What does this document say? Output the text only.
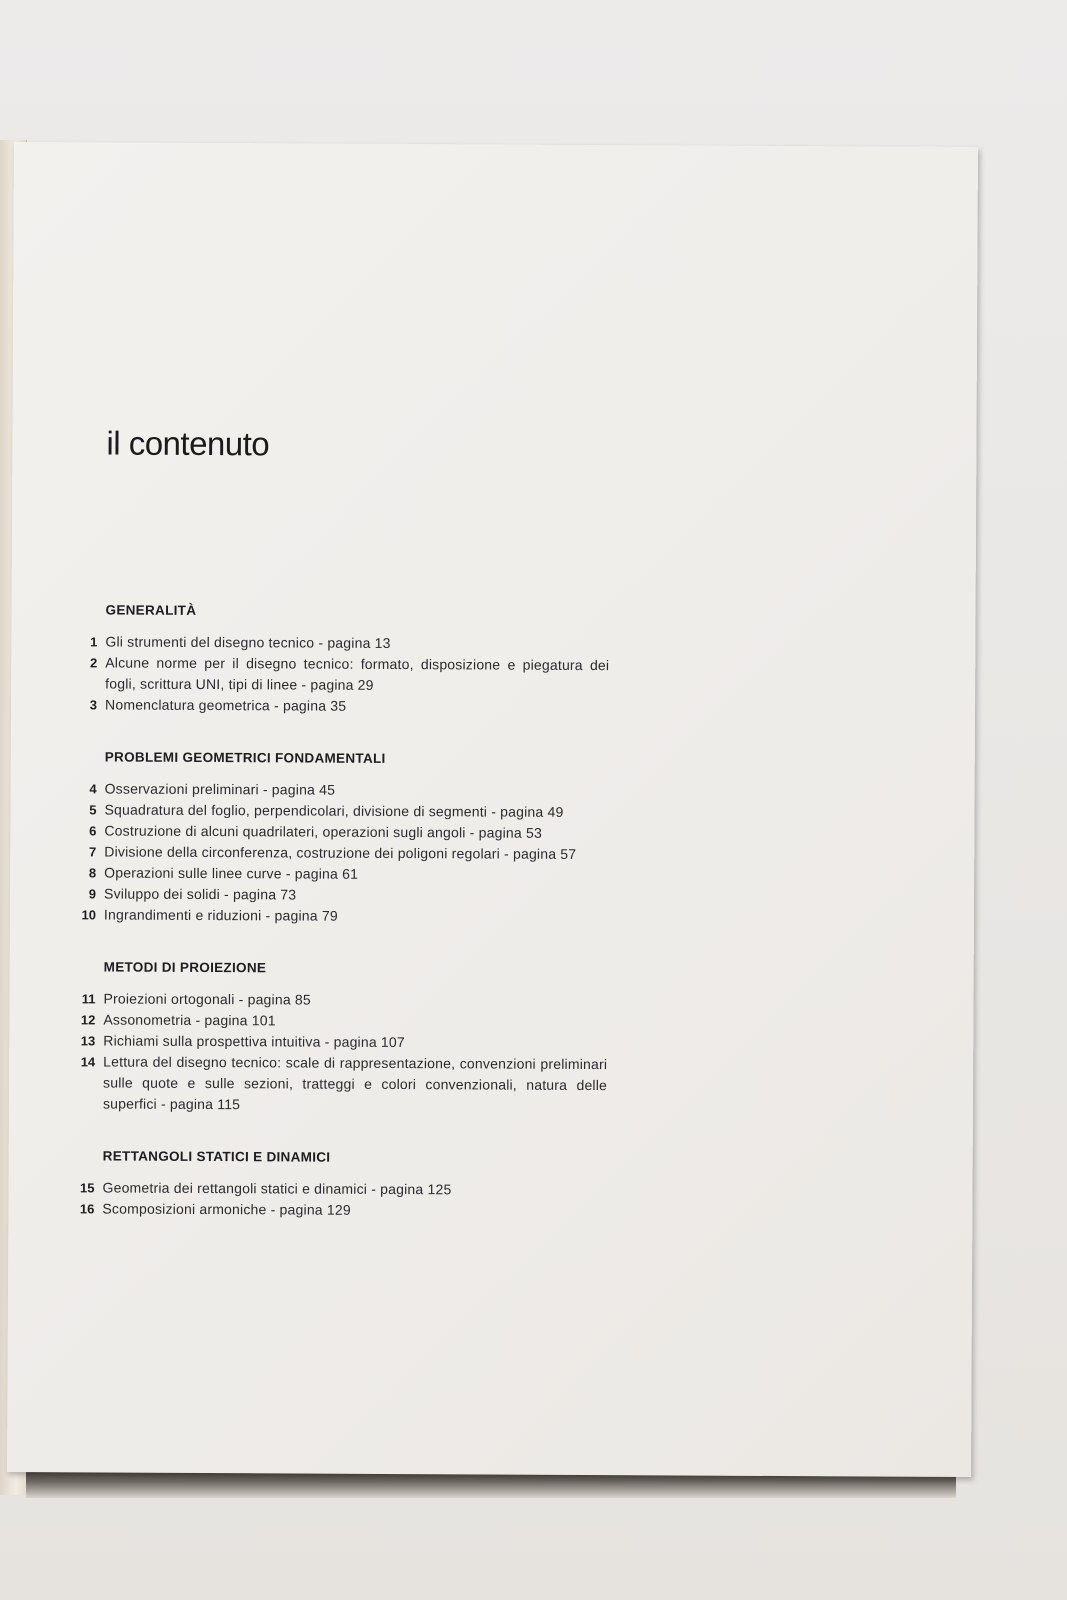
il contenuto
GENERALITÀ
1 Gli strumenti del disegno tecnico - pagina 13
2 Alcune norme per il disegno tecnico: formato, disposizione e piegatura dei fogli, scrittura UNI, tipi di linee - pagina 29
3 Nomenclatura geometrica - pagina 35
PROBLEMI GEOMETRICI FONDAMENTALI
4 Osservazioni preliminari - pagina 45
5 Squadratura del foglio, perpendicolari, divisione di segmenti - pagina 49
6 Costruzione di alcuni quadrilateri, operazioni sugli angoli - pagina 53
7 Divisione della circonferenza, costruzione dei poligoni regolari - pagina 57
8 Operazioni sulle linee curve - pagina 61
9 Sviluppo dei solidi - pagina 73
10 Ingrandimenti e riduzioni - pagina 79
METODI DI PROIEZIONE
11 Proiezioni ortogonali - pagina 85
12 Assonometria - pagina 101
13 Richiami sulla prospettiva intuitiva - pagina 107
14 Lettura del disegno tecnico: scale di rappresentazione, convenzioni preliminari sulle quote e sulle sezioni, tratteggi e colori convenzionali, natura delle superfici - pagina 115
RETTANGOLI STATICI E DINAMICI
15 Geometria dei rettangoli statici e dinamici - pagina 125
16 Scomposizioni armoniche - pagina 129
